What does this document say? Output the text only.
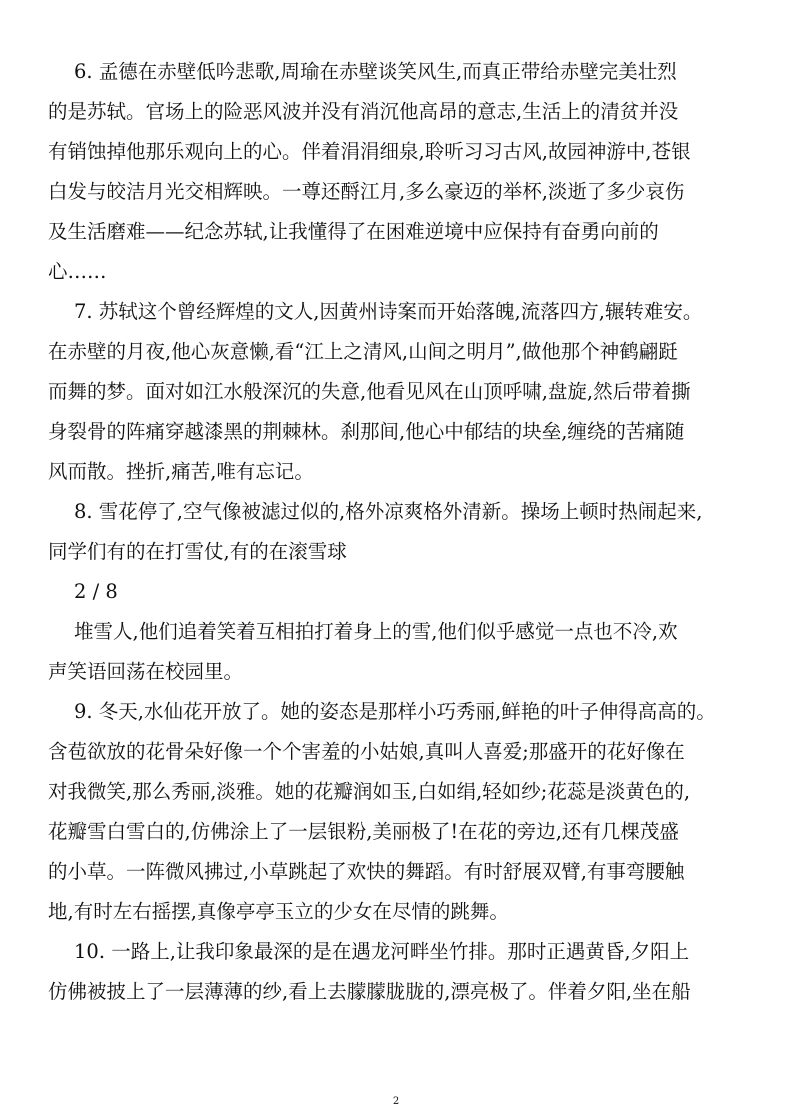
6. 孟德在赤壁低吟悲歌,周瑜在赤壁谈笑风生,而真正带给赤壁完美壮烈
的是苏轼。官场上的险恶风波并没有消沉他高昂的意志,生活上的清贫并没
有销蚀掉他那乐观向上的心。伴着涓涓细泉,聆听习习古风,故园神游中,苍银
白发与皎洁月光交相辉映。一尊还酹江月,多么豪迈的举杯,淡逝了多少哀伤
及生活磨难——纪念苏轼,让我懂得了在困难逆境中应保持有奋勇向前的
心……
7. 苏轼这个曾经辉煌的文人,因黄州诗案而开始落魄,流落四方,辗转难安。
在赤壁的月夜,他心灰意懒,看“江上之清风,山间之明月”,做他那个神鹤翩跹
而舞的梦。面对如江水般深沉的失意,他看见风在山顶呼啸,盘旋,然后带着撕
身裂骨的阵痛穿越漆黑的荆棘林。刹那间,他心中郁结的块垒,缠绕的苦痛随
风而散。挫折,痛苦,唯有忘记。
8. 雪花停了,空气像被滤过似的,格外凉爽格外清新。操场上顿时热闹起来,
同学们有的在打雪仗,有的在滚雪球
2 / 8
堆雪人,他们追着笑着互相拍打着身上的雪,他们似乎感觉一点也不冷,欢
声笑语回荡在校园里。
9. 冬天,水仙花开放了。她的姿态是那样小巧秀丽,鲜艳的叶子伸得高高的。
含苞欲放的花骨朵好像一个个害羞的小姑娘,真叫人喜爱;那盛开的花好像在
对我微笑,那么秀丽,淡雅。她的花瓣润如玉,白如绢,轻如纱;花蕊是淡黄色的,
花瓣雪白雪白的,仿佛涂上了一层银粉,美丽极了!在花的旁边,还有几棵茂盛
的小草。一阵微风拂过,小草跳起了欢快的舞蹈。有时舒展双臂,有事弯腰触
地,有时左右摇摆,真像亭亭玉立的少女在尽情的跳舞。
10. 一路上,让我印象最深的是在遇龙河畔坐竹排。那时正遇黄昏,夕阳上
仿佛被披上了一层薄薄的纱,看上去朦朦胧胧的,漂亮极了。伴着夕阳,坐在船
2
